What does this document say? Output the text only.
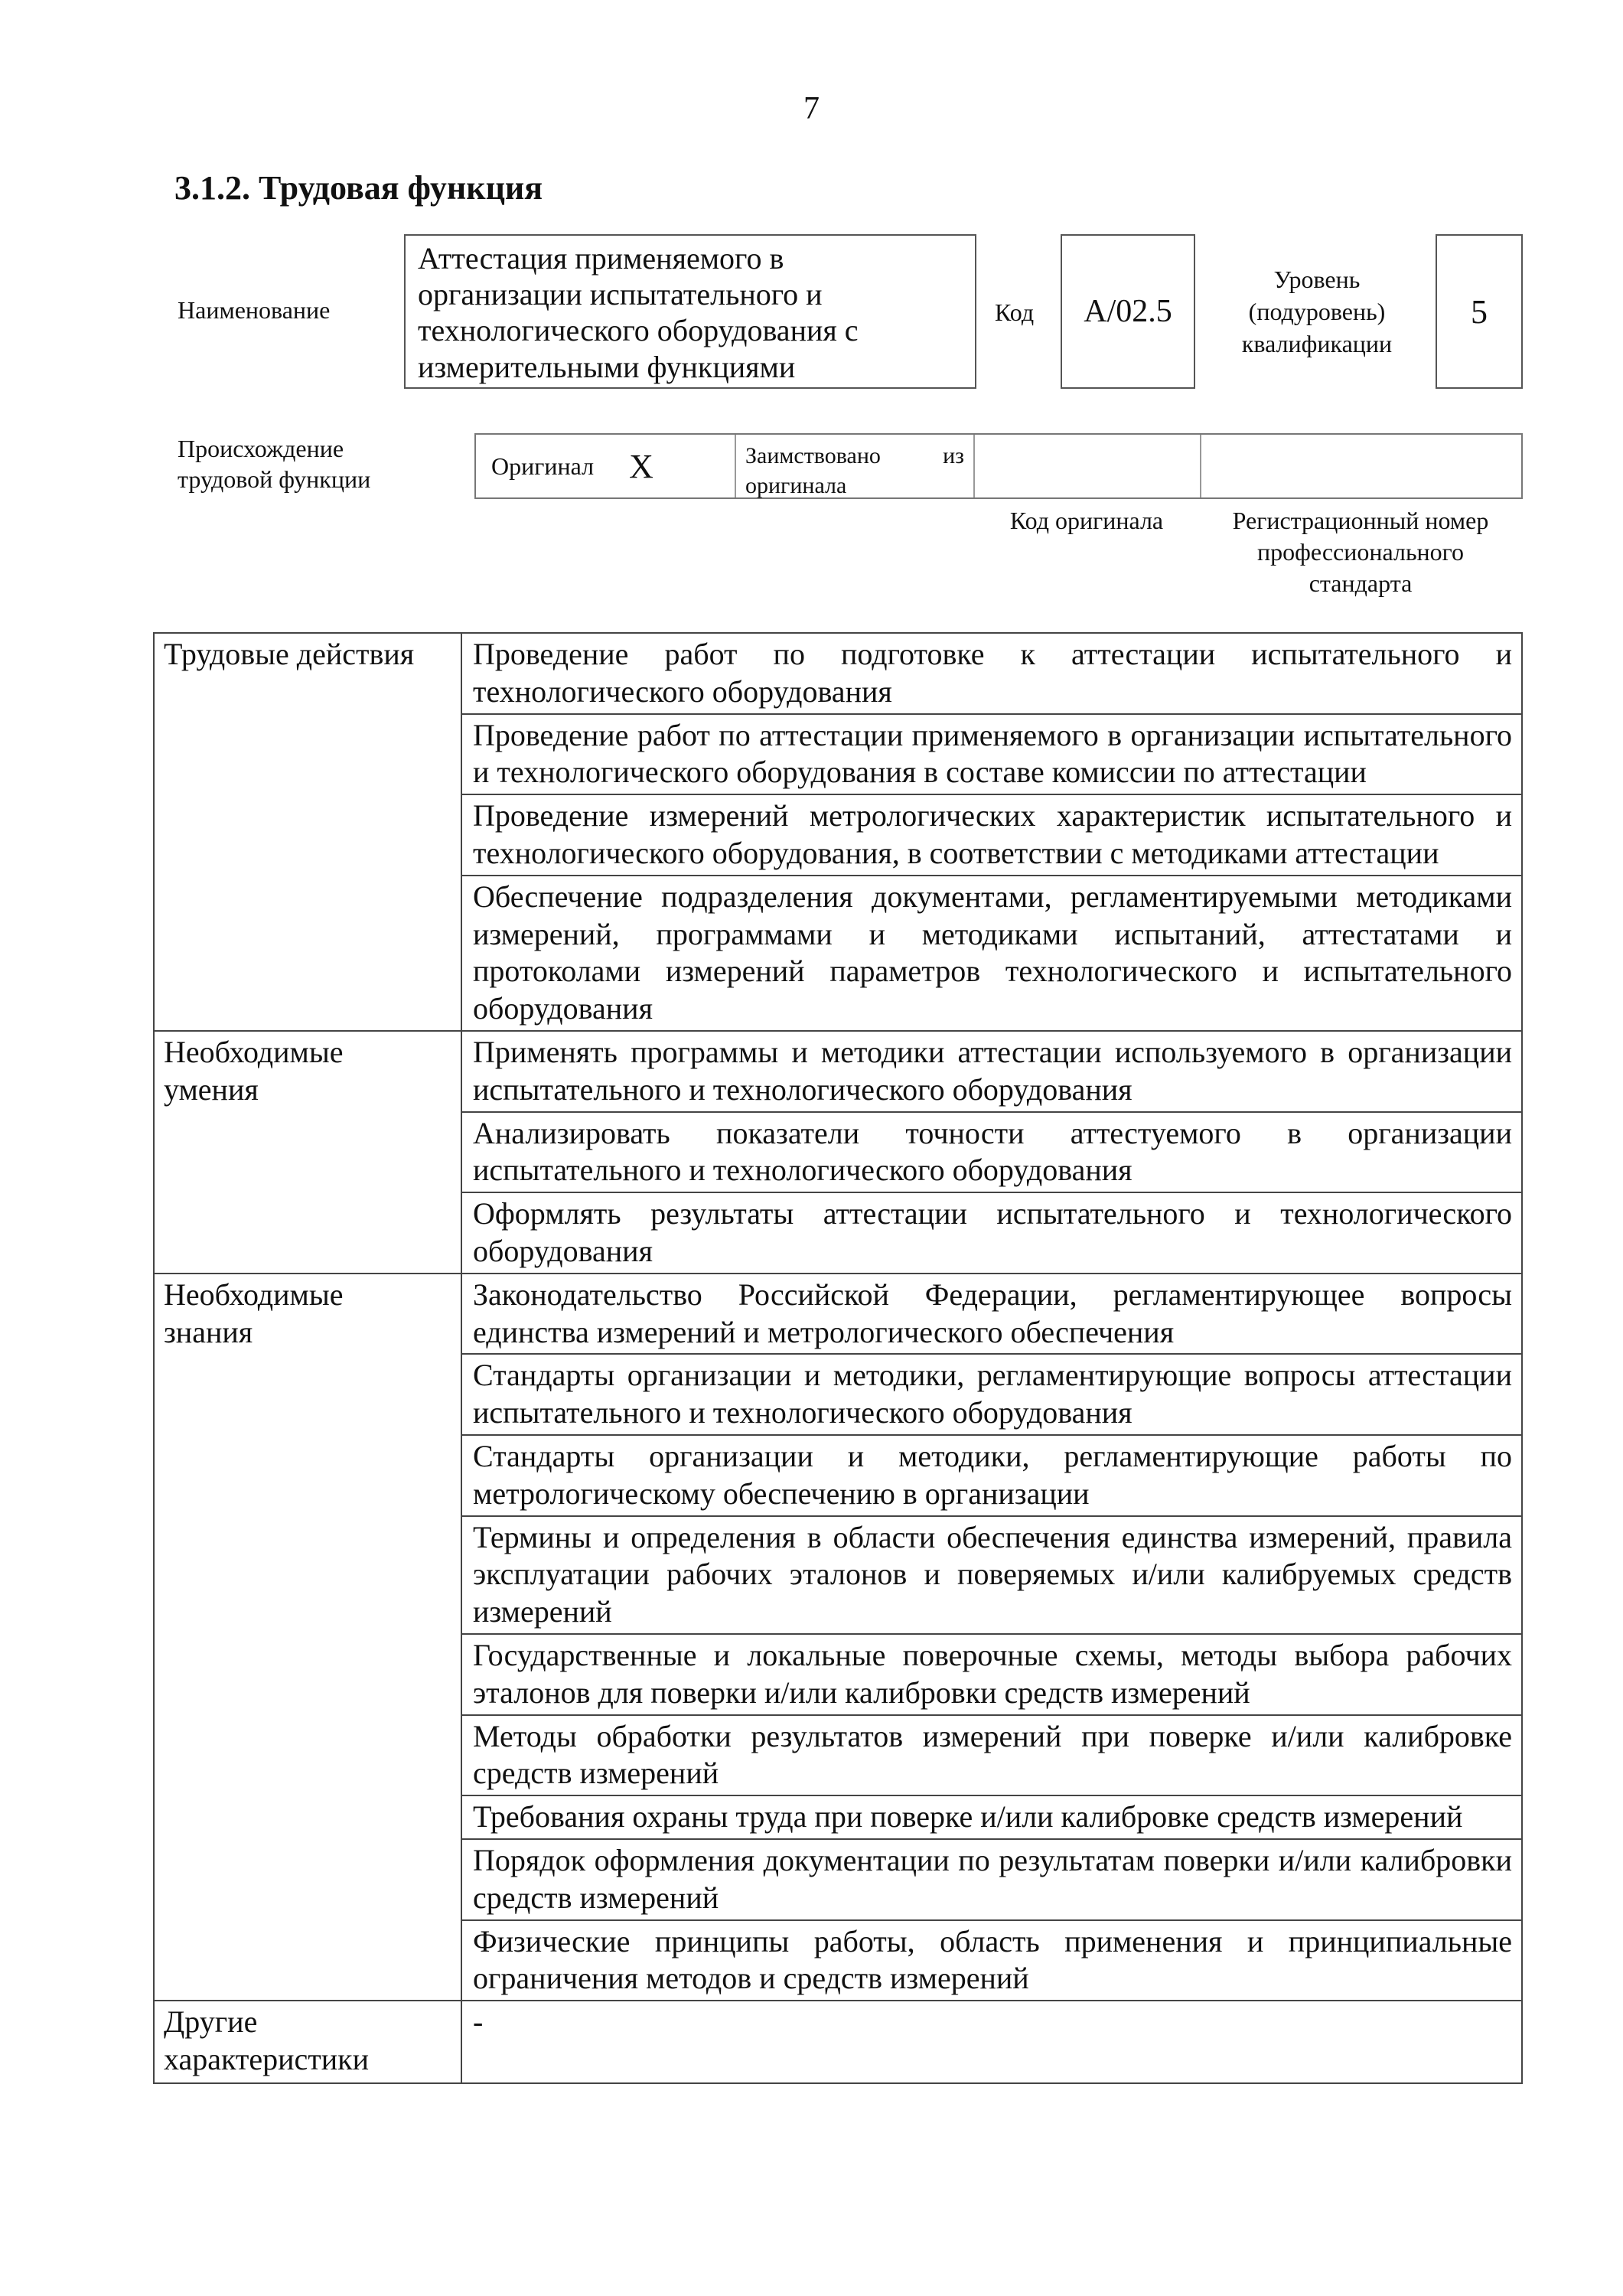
7
3.1.2. Трудовая функция
Наименование
Аттестация применяемого в
организации испытательного и
технологического оборудования с
измерительными функциями
Код A/02.5
Уровень
(подуровень)
квалификации
5
Происхождение
трудовой функции	Оригинал Х	Заимствовано из
оригинала
Код оригинала	Регистрационный номер
профессионального
стандарта
Трудовые действия	Проведение работ по подготовке к аттестации испытательного и технологического оборудования
	Проведение работ по аттестации применяемого в организации испытательного и технологического оборудования в составе комиссии по аттестации
	Проведение измерений метрологических характеристик испытательного и технологического оборудования, в соответствии с методиками аттестации
	Обеспечение подразделения документами, регламентируемыми методиками измерений, программами и методиками испытаний, аттестатами и протоколами измерений параметров технологического и испытательного оборудования

Необходимые
умения	Применять программы и методики аттестации используемого в организации испытательного и технологического оборудования
	Анализировать показатели точности аттестуемого в организации испытательного и технологического оборудования
	Оформлять результаты аттестации испытательного и технологического оборудования

Необходимые
знания	Законодательство Российской Федерации, регламентирующее вопросы единства измерений и метрологического обеспечения
	Стандарты организации и методики, регламентирующие вопросы аттестации испытательного и технологического оборудования
	Стандарты организации и методики, регламентирующие работы по метрологическому обеспечению в организации
	Термины и определения в области обеспечения единства измерений, правила эксплуатации рабочих эталонов и поверяемых и/или калибруемых средств измерений
	Государственные и локальные поверочные схемы, методы выбора рабочих эталонов для поверки и/или калибровки средств измерений
	Методы обработки результатов измерений при поверке и/или калибровке средств измерений
	Требования охраны труда при поверке и/или калибровке средств измерений
	Порядок оформления документации по результатам поверки и/или калибровки средств измерений
	Физические принципы работы, область применения и принципиальные ограничения методов и средств измерений

Другие
характеристики	-
